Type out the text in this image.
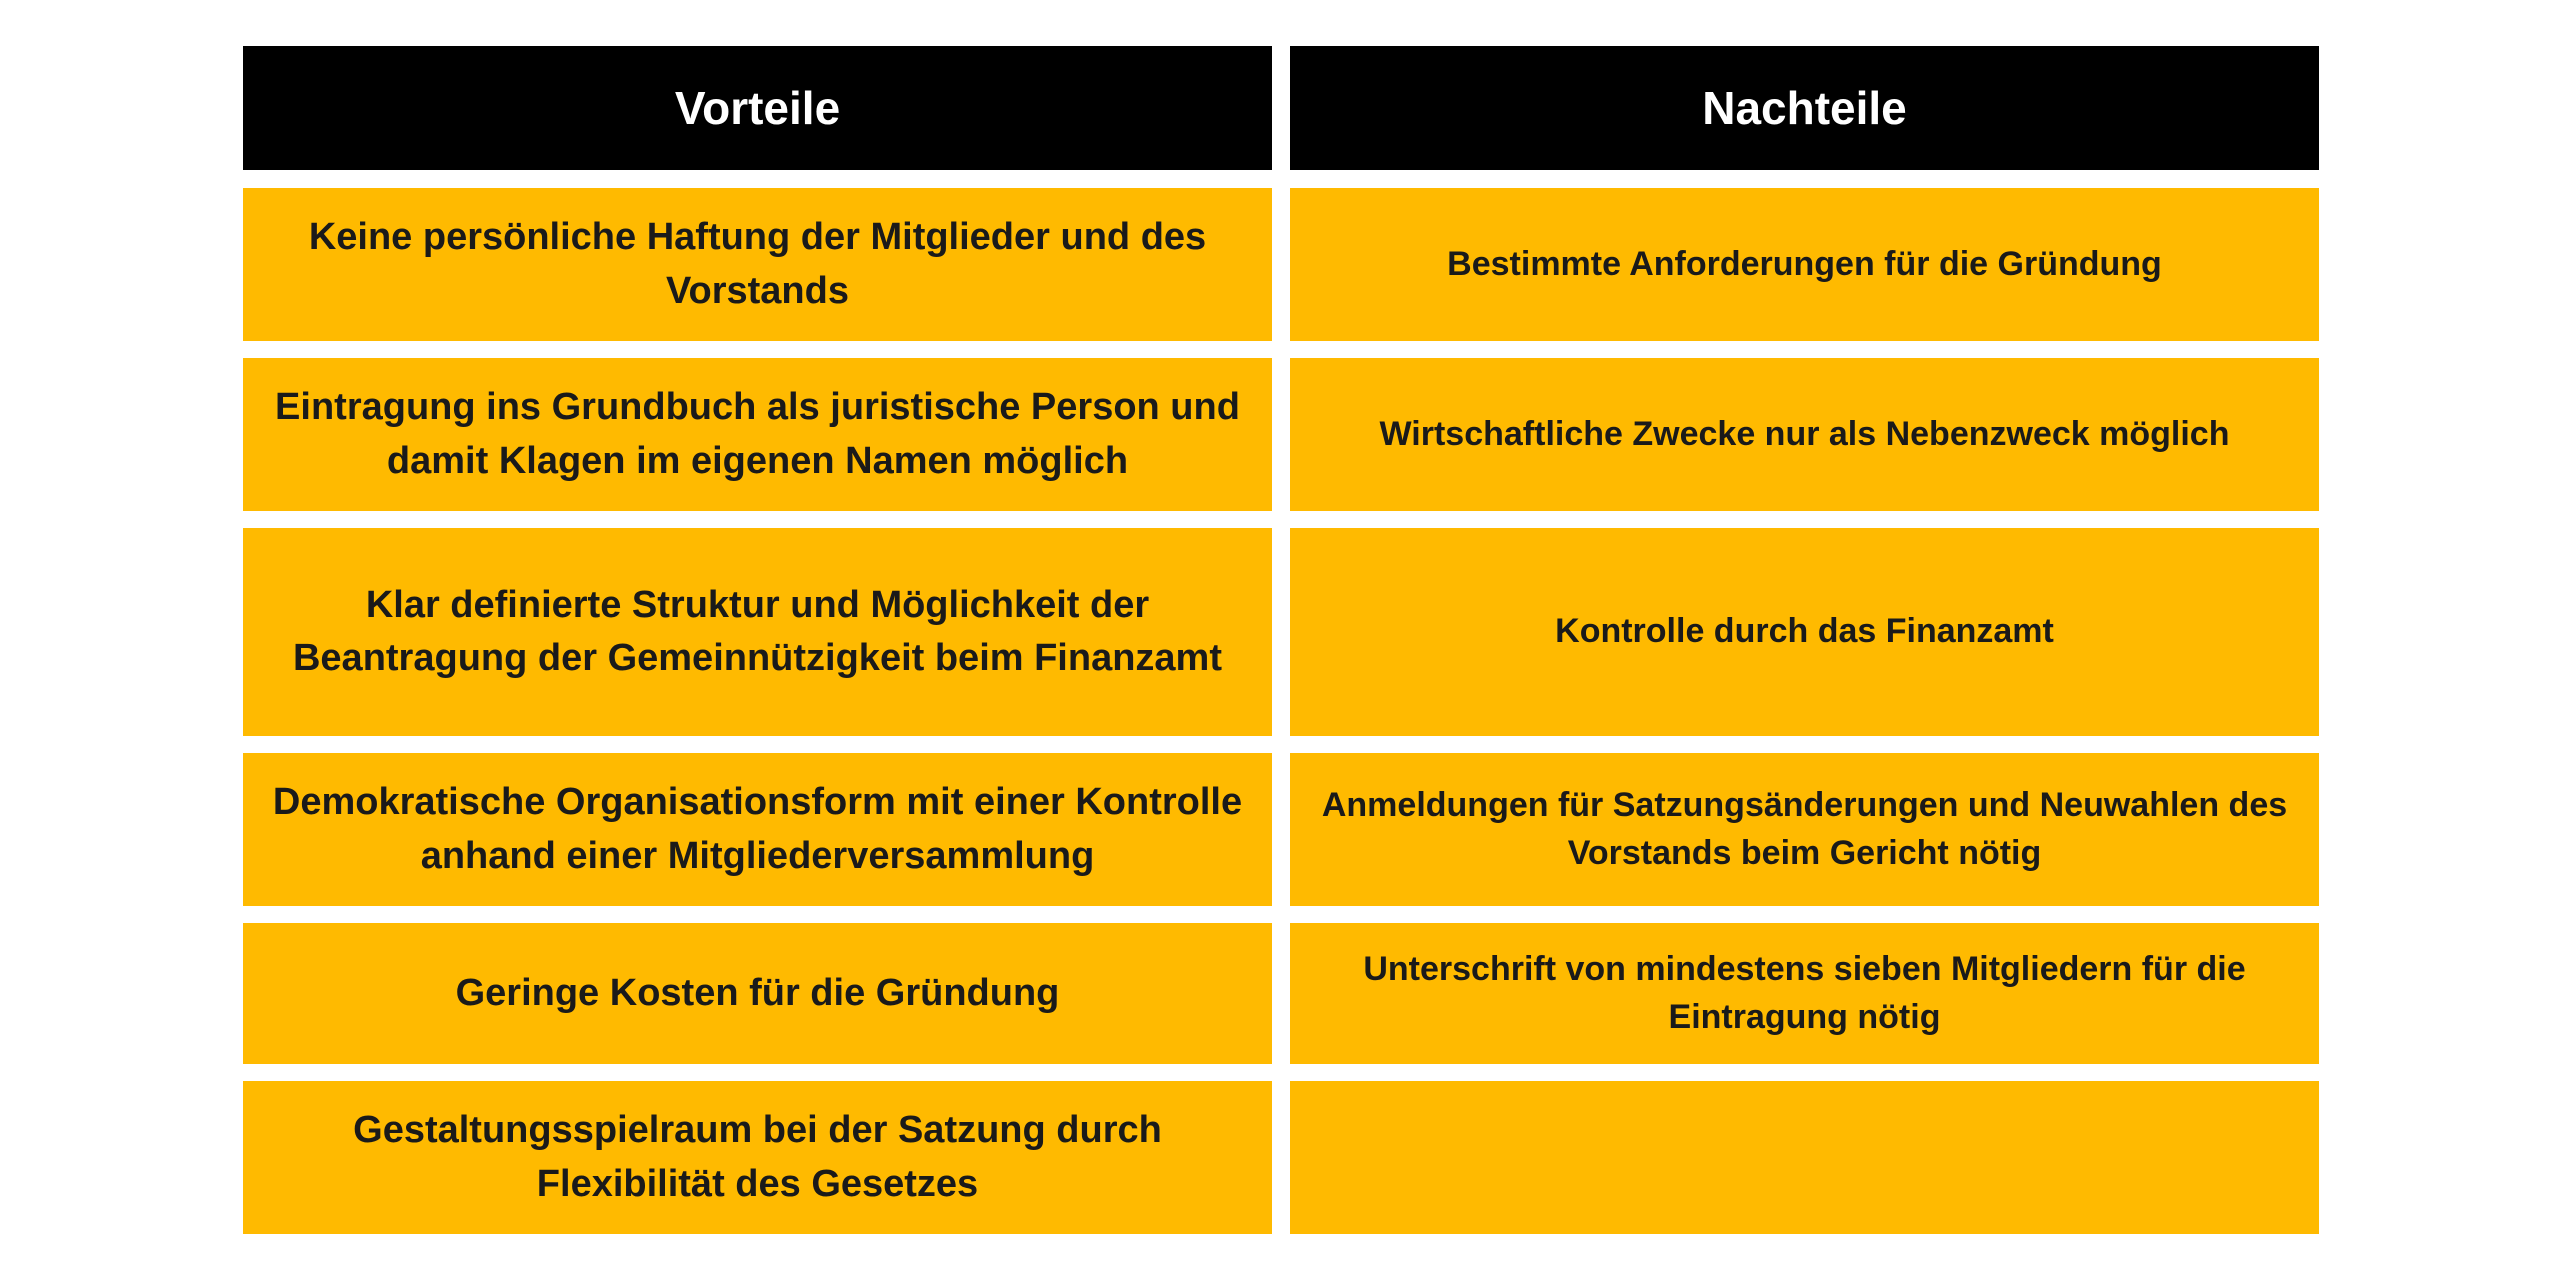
Vorteile	Nachteile
Keine persönliche Haftung der Mitglieder und des Vorstands
Bestimmte Anforderungen für die Gründung
Eintragung ins Grundbuch als juristische Person und damit Klagen im eigenen Namen möglich
Wirtschaftliche Zwecke nur als Nebenzweck möglich
Klar definierte Struktur und Möglichkeit der Beantragung der Gemeinnützigkeit beim Finanzamt
Kontrolle durch das Finanzamt
Demokratische Organisationsform mit einer Kontrolle anhand einer Mitgliederversammlung
Anmeldungen für Satzungsänderungen und Neuwahlen des Vorstands beim Gericht nötig
Geringe Kosten für die Gründung
Unterschrift von mindestens sieben Mitgliedern für die Eintragung nötig
Gestaltungsspielraum bei der Satzung durch Flexibilität des Gesetzes
